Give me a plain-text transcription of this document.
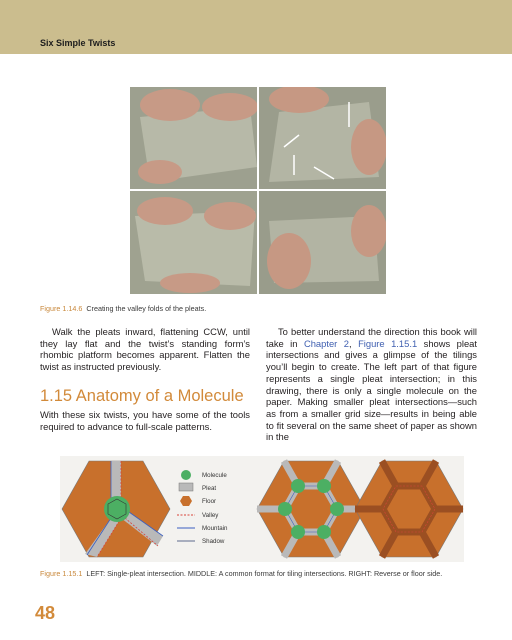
Six Simple Twists
Figure 1.14.6 Creating the valley folds of the pleats.

Walk the pleats inward, flattening CCW, until they lay flat and the twist’s standing form’s rhombic platform becomes apparent. Flatten the twist as instructed previously.

1.15 Anatomy of a Molecule

With these six twists, you have some of the tools required to advance to full-scale patterns.

To better understand the direction this book will take in Chapter 2, Figure 1.15.1 shows pleat intersections and gives a glimpse of the tilings you’ll begin to create. The left part of that figure represents a single pleat intersection; in this drawing, there is only a single molecule on the paper. Making smaller pleat intersections—such as from a smaller grid size—results in being able to fit several on the same sheet of paper as shown in the

Molecule
Pleat
Floor
Valley
Mountain
Shadow
Figure 1.15.1 LEFT: Single-pleat intersection. MIDDLE: A common format for tiling intersections. RIGHT: Reverse or floor side.
48
